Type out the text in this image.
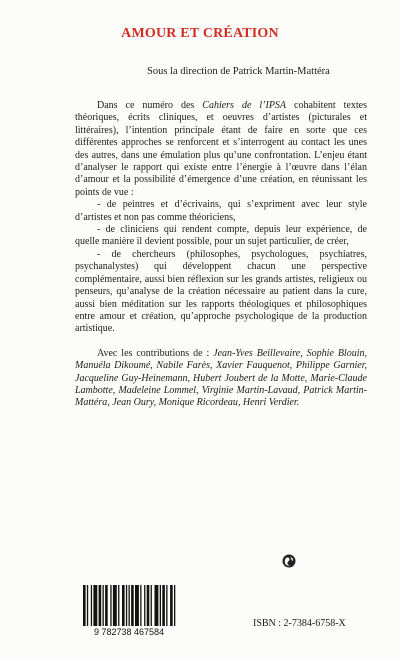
AMOUR ET CRÉATION
Sous la direction de Patrick Martin-Mattéra

Dans ce numéro des Cahiers de l’IPSA cohabitent textes théoriques, écrits cliniques, et oeuvres d’artistes (picturales et littéraires), l’intention principale étant de faire en sorte que ces différentes approches se renforcent et s’interrogent au contact les unes des autres, dans une émulation plus qu’une confrontation. L’enjeu étant d’analyser le rapport qui existe entre l’énergie à l’œuvre dans l’élan d’amour et la possibilité d’émergence d’une création, en réunissant les points de vue :

- de peintres et d’écrivains, qui s’expriment avec leur style d’artistes et non pas comme théoriciens,

- de cliniciens qui rendent compte, depuis leur expérience, de quelle manière il devient possible, pour un sujet particulier, de créer,

- de chercheurs (philosophes, psychologues, psychiatres, psychanalystes) qui développent chacun une perspective complémentaire, aussi bien réflexion sur les grands artistes, religieux ou penseurs, qu’analyse de la création nécessaire au patient dans la cure, aussi bien méditation sur les rapports théologiques et philosophiques entre amour et création, qu’approche psychologique de la production artistique.

Avec les contributions de : Jean-Yves Beillevaire, Sophie Blouin, Manuéla Dikoumé, Nabile Farès, Xavier Fauquenot, Philippe Garnier, Jacqueline Guy-Heinemann, Hubert Joubert de la Motte, Marie-Claude Lambotte, Madeleine Lommel, Virginie Martin-Lavaud, Patrick Martin-Mattéra, Jean Oury, Monique Ricordeau, Henri Verdier.

9 782738 467584
ISBN : 2-7384-6758-X
